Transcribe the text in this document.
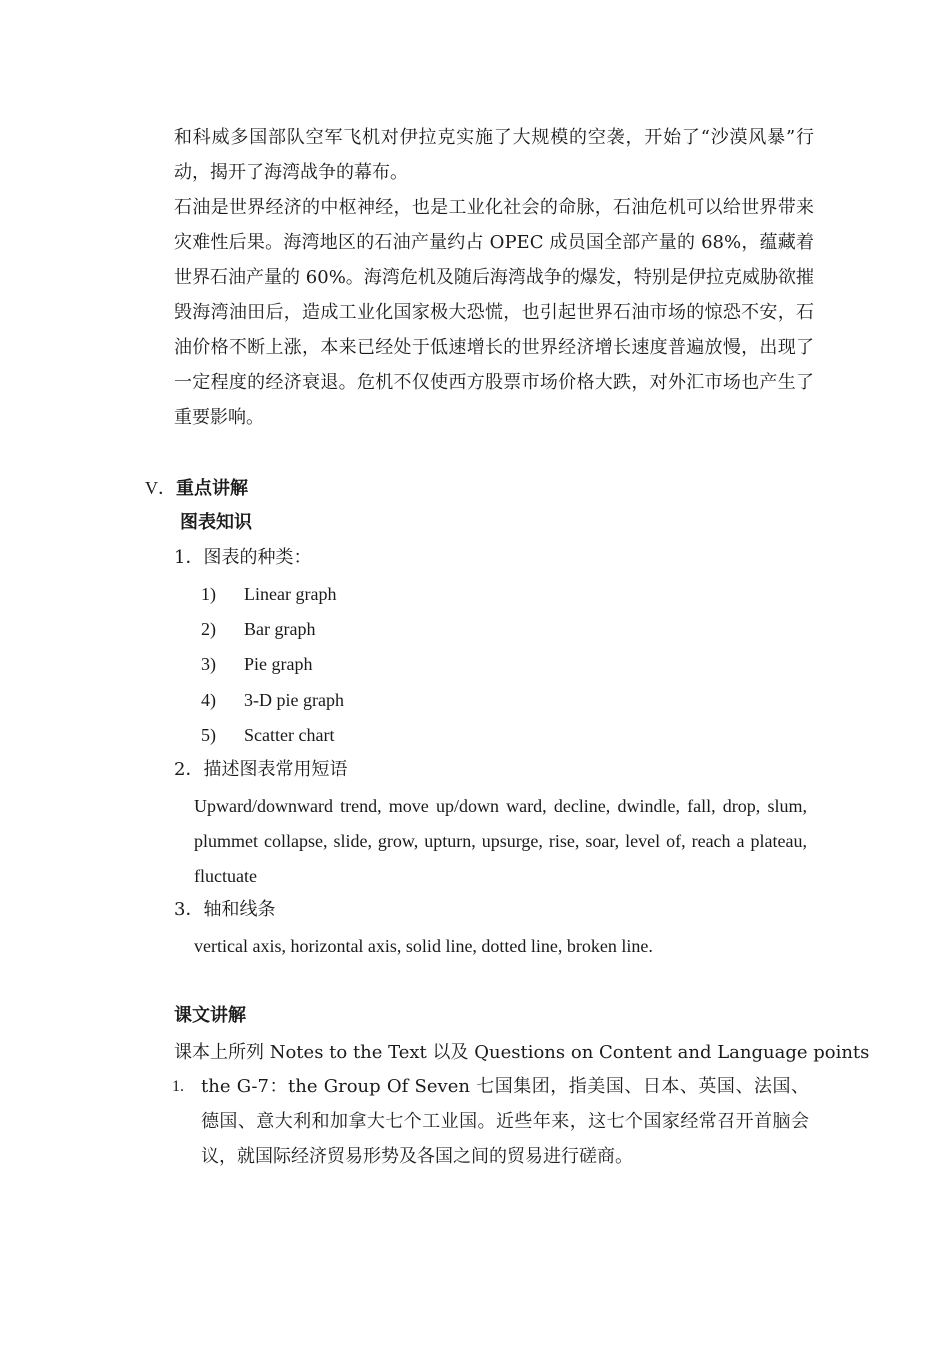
和科威多国部队空军飞机对伊拉克实施了大规模的空袭，开始了“沙漠风暴”行动，揭开了海湾战争的幕布。

石油是世界经济的中枢神经，也是工业化社会的命脉，石油危机可以给世界带来灾难性后果。海湾地区的石油产量约占 OPEC 成员国全部产量的 68%，蕴藏着世界石油产量的 60%。海湾危机及随后海湾战争的爆发，特别是伊拉克威胁欲摧毁海湾油田后，造成工业化国家极大恐慌，也引起世界石油市场的惊恐不安，石油价格不断上涨，本来已经处于低速增长的世界经济增长速度普遍放慢，出现了一定程度的经济衰退。危机不仅使西方股票市场价格大跌，对外汇市场也产生了重要影响。

V．重点讲解

图表知识

1．图表的种类：

1) Linear graph
2) Bar graph
3) Pie graph
4) 3-D pie graph
5) Scatter chart

2．描述图表常用短语

Upward/downward trend, move up/down ward, decline, dwindle, fall, drop, slum, plummet collapse, slide, grow, upturn, upsurge, rise, soar, level of, reach a plateau, fluctuate

3．轴和线条

vertical axis, horizontal axis, solid line, dotted line, broken line.

课文讲解

课本上所列 Notes to the Text 以及 Questions on Content and Language points

1. the G-7：the Group Of Seven 七国集团，指美国、日本、英国、法国、德国、意大利和加拿大七个工业国。近些年来，这七个国家经常召开首脑会议，就国际经济贸易形势及各国之间的贸易进行磋商。
